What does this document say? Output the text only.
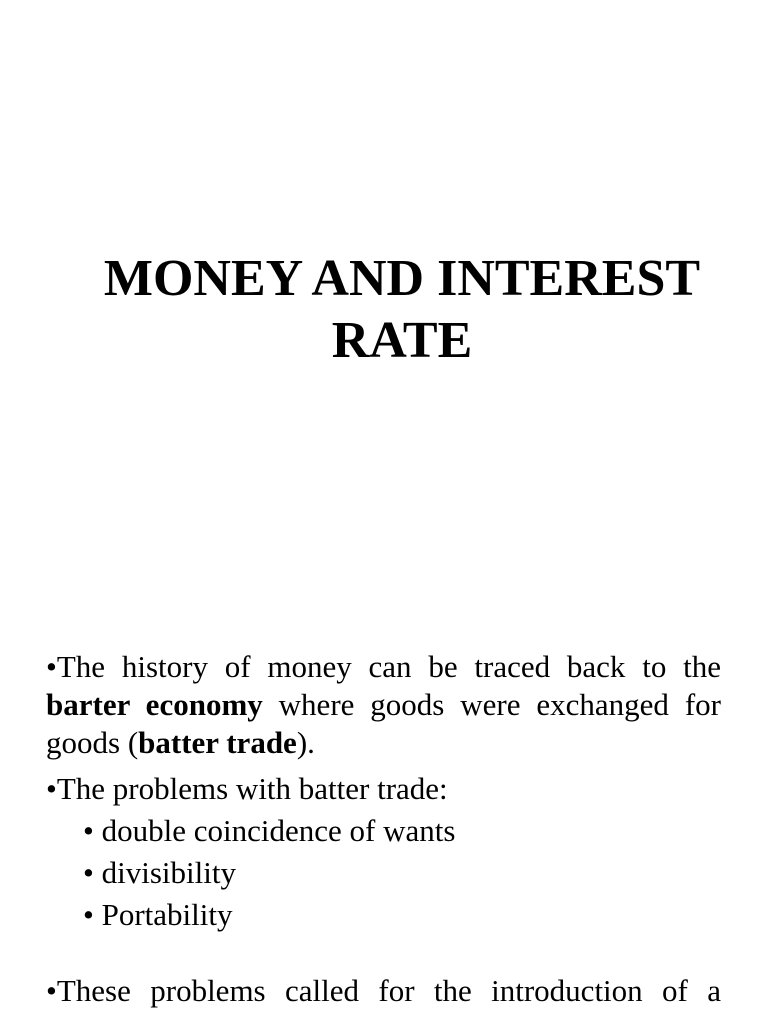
MONEY AND INTEREST
RATE

•The history of money can be traced back to the barter economy where goods were exchanged for goods (batter trade).

•The problems with batter trade:

• double coincidence of wants
• divisibility
• Portability

•These problems called for the introduction of a
